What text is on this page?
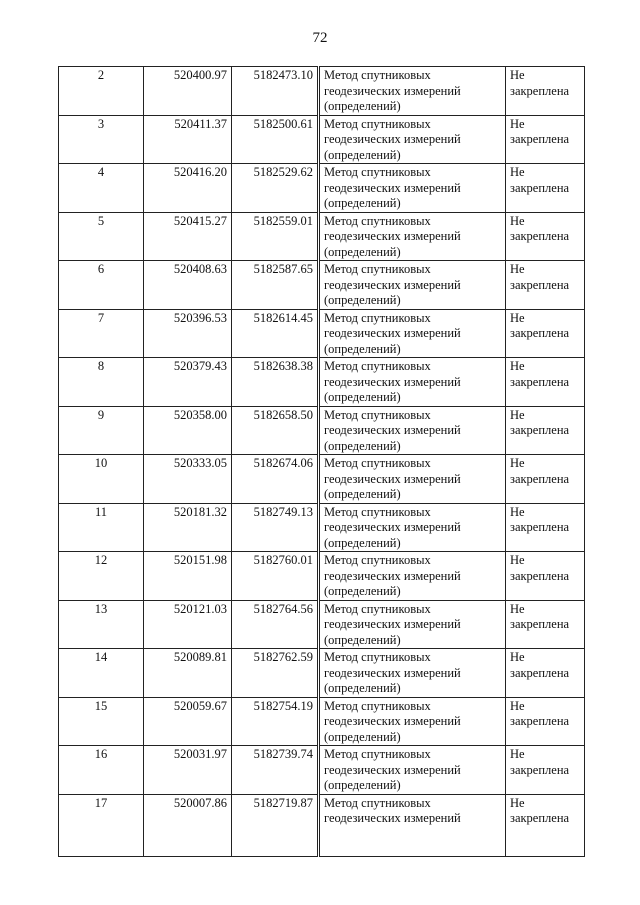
72
2	520400.97	5182473.10	Метод спутниковых
геодезических измерений
(определений)	Не
закреплена

3	520411.37	5182500.61	Метод спутниковых
геодезических измерений
(определений)	Не
закреплена

4	520416.20	5182529.62	Метод спутниковых
геодезических измерений
(определений)	Не
закреплена

5	520415.27	5182559.01	Метод спутниковых
геодезических измерений
(определений)	Не
закреплена

6	520408.63	5182587.65	Метод спутниковых
геодезических измерений
(определений)	Не
закреплена

7	520396.53	5182614.45	Метод спутниковых
геодезических измерений
(определений)	Не
закреплена

8	520379.43	5182638.38	Метод спутниковых
геодезических измерений
(определений)	Не
закреплена

9	520358.00	5182658.50	Метод спутниковых
геодезических измерений
(определений)	Не
закреплена

10	520333.05	5182674.06	Метод спутниковых
геодезических измерений
(определений)	Не
закреплена

11	520181.32	5182749.13	Метод спутниковых
геодезических измерений
(определений)	Не
закреплена

12	520151.98	5182760.01	Метод спутниковых
геодезических измерений
(определений)	Не
закреплена

13	520121.03	5182764.56	Метод спутниковых
геодезических измерений
(определений)	Не
закреплена

14	520089.81	5182762.59	Метод спутниковых
геодезических измерений
(определений)	Не
закреплена

15	520059.67	5182754.19	Метод спутниковых
геодезических измерений
(определений)	Не
закреплена

16	520031.97	5182739.74	Метод спутниковых
геодезических измерений
(определений)	Не
закреплена

17	520007.86	5182719.87	Метод спутниковых
геодезических измерений	Не
закреплена
